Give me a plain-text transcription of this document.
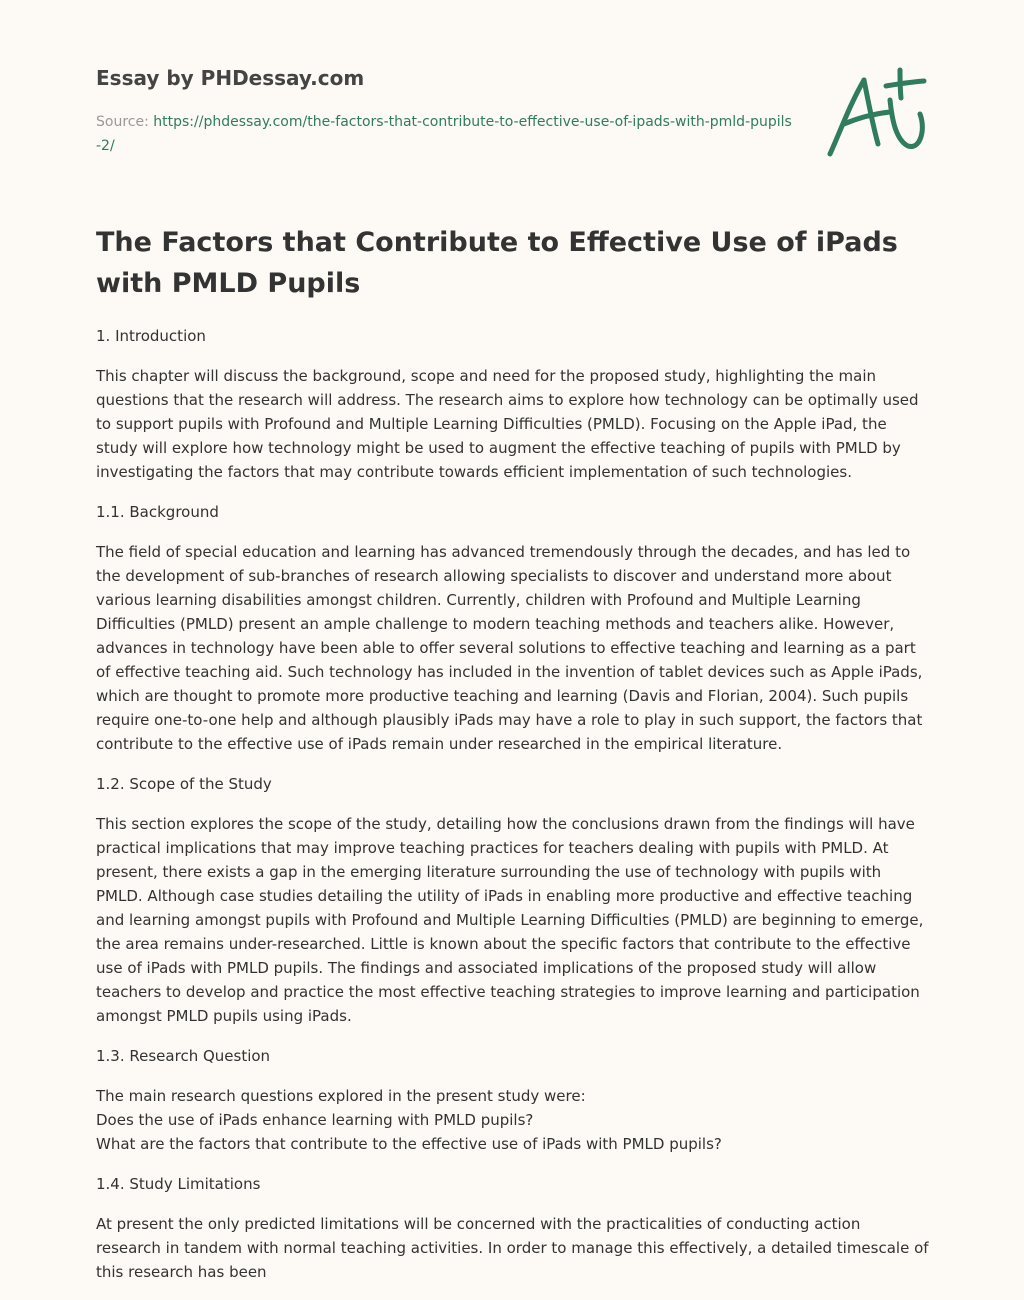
Essay by PHDessay.com
Source: https://phdessay.com/the-factors-that-contribute-to-effective-use-of-ipads-with-pmld-pupils-2/
The Factors that Contribute to Effective Use of iPads with PMLD Pupils

1. Introduction

This chapter will discuss the background, scope and need for the proposed study, highlighting the main questions that the research will address. The research aims to explore how technology can be optimally used to support pupils with Profound and Multiple Learning Difficulties (PMLD). Focusing on the Apple iPad, the study will explore how technology might be used to augment the effective teaching of pupils with PMLD by investigating the factors that may contribute towards efficient implementation of such technologies.

1.1. Background

The field of special education and learning has advanced tremendously through the decades, and has led to the development of sub-branches of research allowing specialists to discover and understand more about various learning disabilities amongst children. Currently, children with Profound and Multiple Learning Difficulties (PMLD) present an ample challenge to modern teaching methods and teachers alike. However, advances in technology have been able to offer several solutions to effective teaching and learning as a part of effective teaching aid. Such technology has included in the invention of tablet devices such as Apple iPads, which are thought to promote more productive teaching and learning (Davis and Florian, 2004). Such pupils require one-to-one help and although plausibly iPads may have a role to play in such support, the factors that contribute to the effective use of iPads remain under researched in the empirical literature.

1.2. Scope of the Study

This section explores the scope of the study, detailing how the conclusions drawn from the findings will have practical implications that may improve teaching practices for teachers dealing with pupils with PMLD. At present, there exists a gap in the emerging literature surrounding the use of technology with pupils with PMLD. Although case studies detailing the utility of iPads in enabling more productive and effective teaching and learning amongst pupils with Profound and Multiple Learning Difficulties (PMLD) are beginning to emerge, the area remains under-researched. Little is known about the specific factors that contribute to the effective use of iPads with PMLD pupils. The findings and associated implications of the proposed study will allow teachers to develop and practice the most effective teaching strategies to improve learning and participation amongst PMLD pupils using iPads.

1.3. Research Question

The main research questions explored in the present study were:
Does the use of iPads enhance learning with PMLD pupils?
What are the factors that contribute to the effective use of iPads with PMLD pupils?

1.4. Study Limitations

At present the only predicted limitations will be concerned with the practicalities of conducting action research in tandem with normal teaching activities. In order to manage this effectively, a detailed timescale of this research has been
